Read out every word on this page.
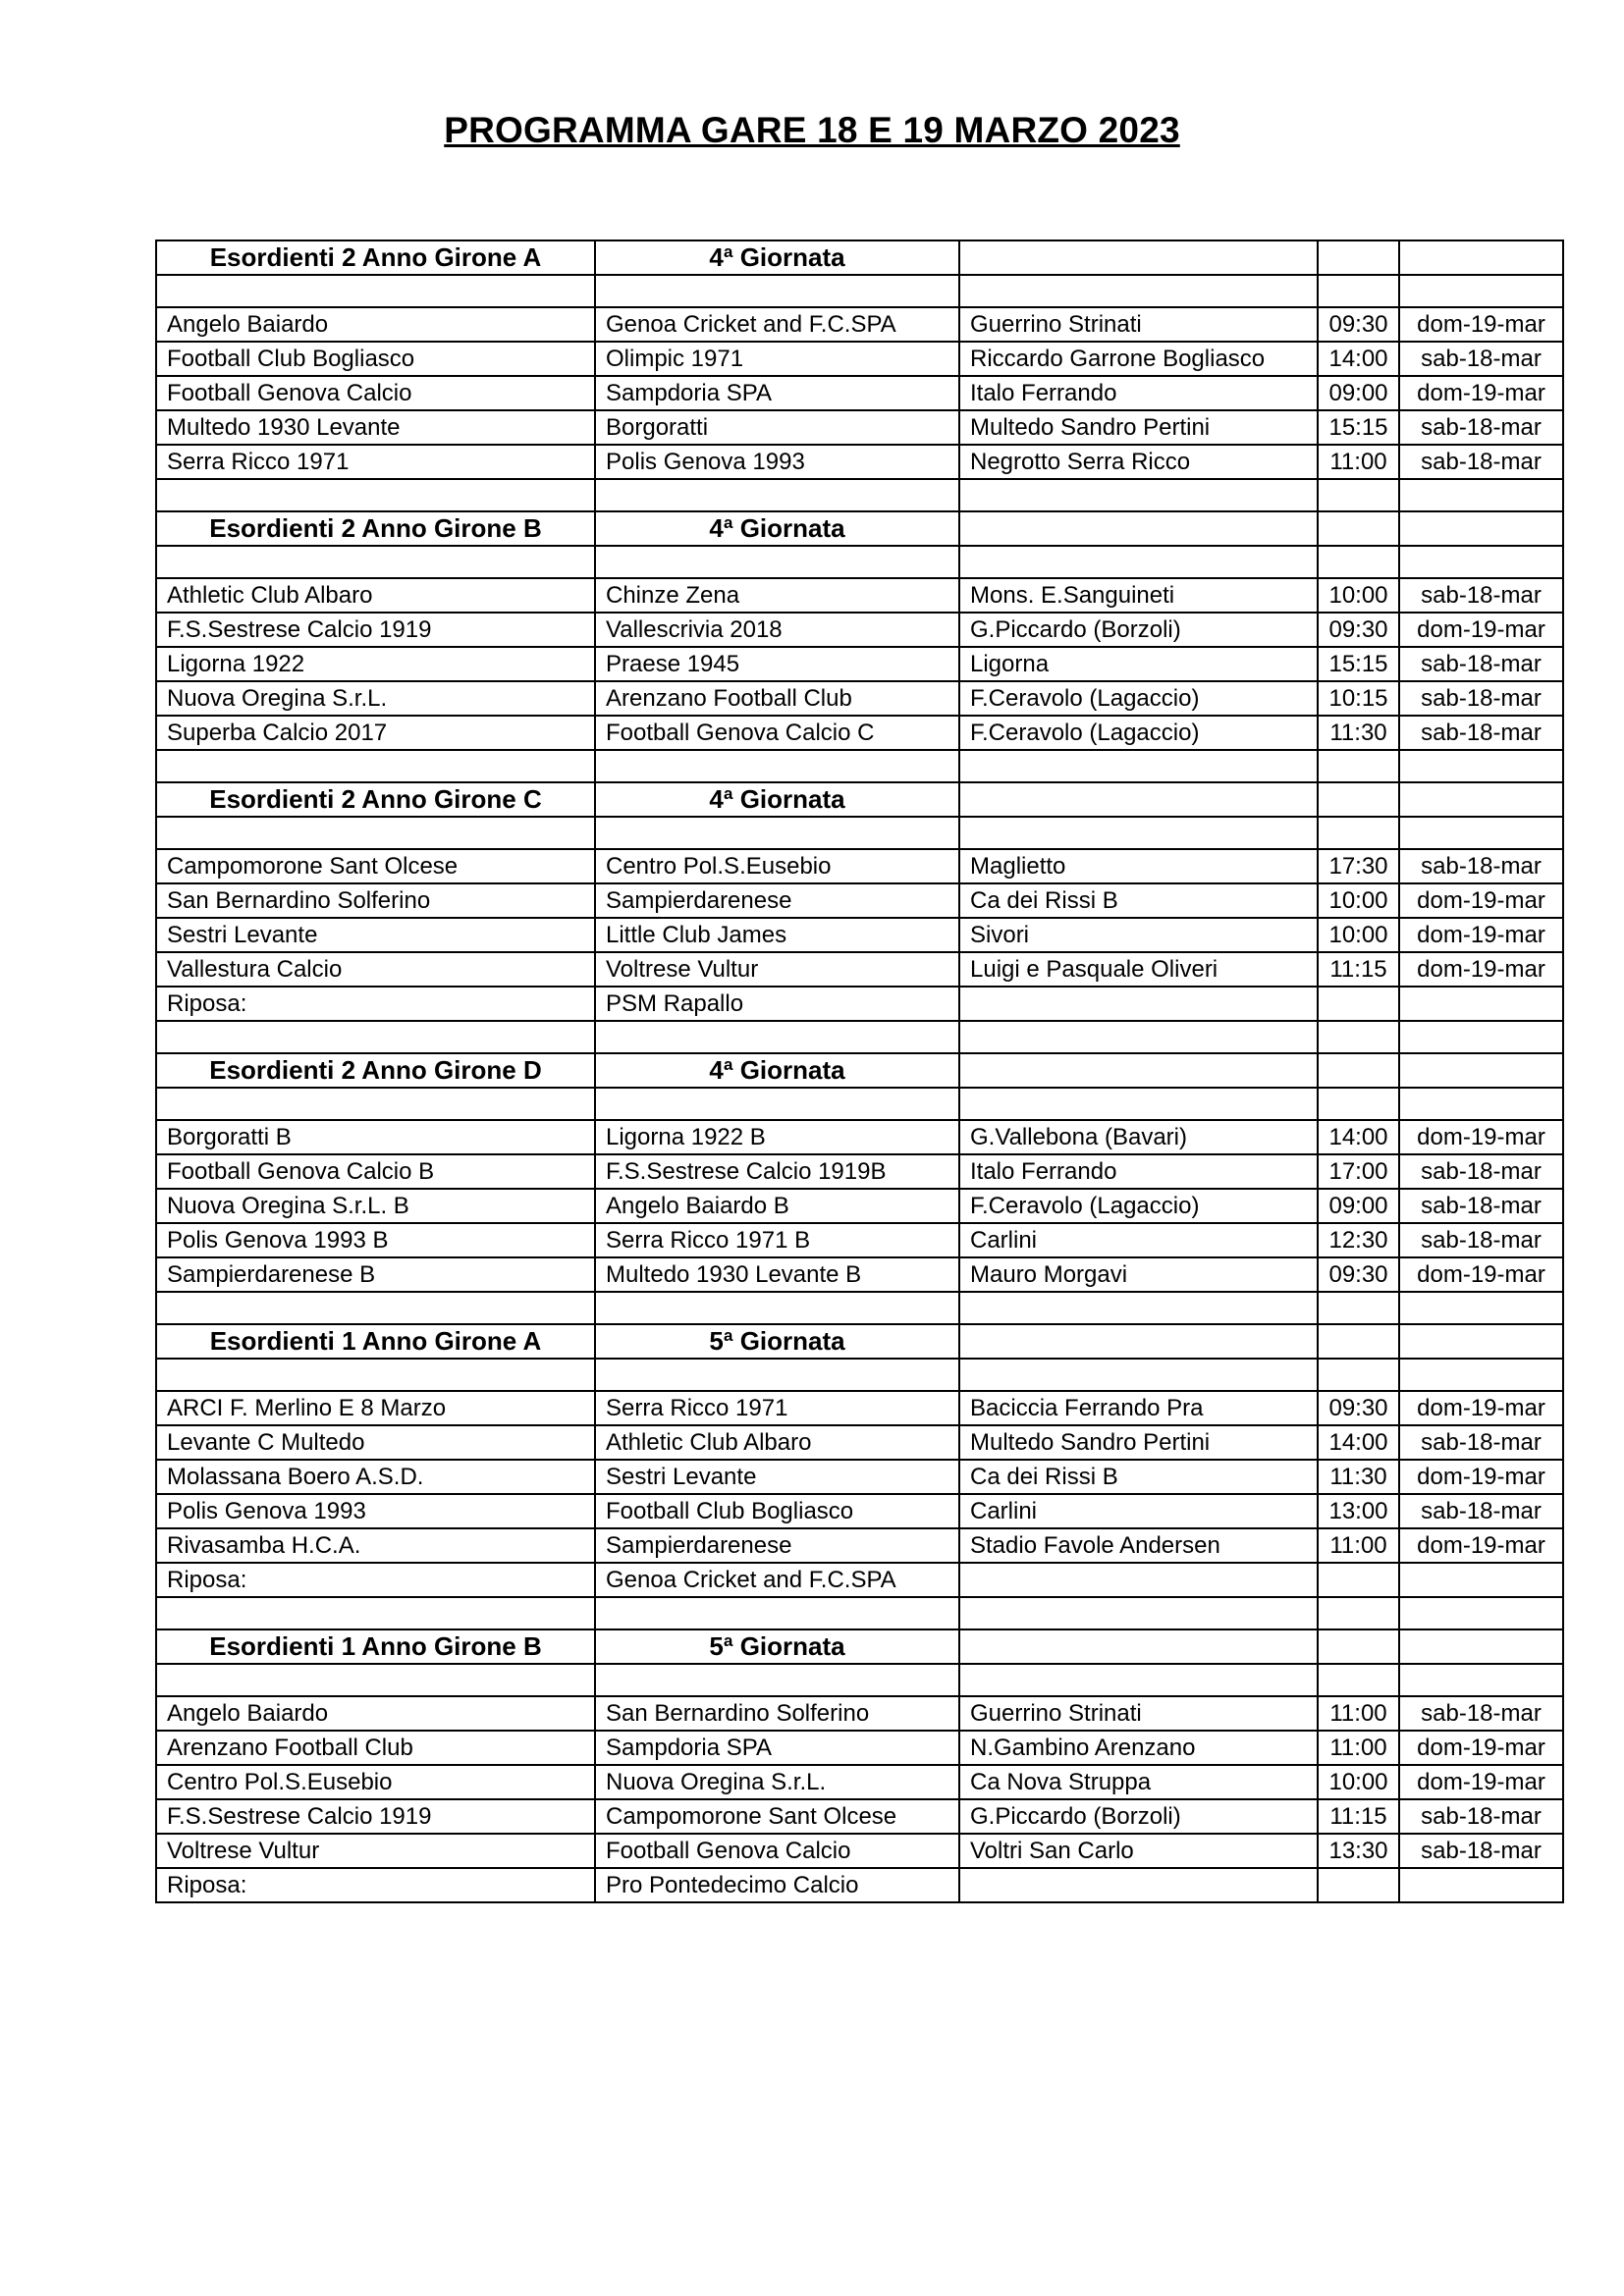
PROGRAMMA GARE 18 E 19 MARZO 2023
Esordienti 2 Anno Girone A	4ª Giornata			

Angelo Baiardo	Genoa Cricket and F.C.SPA	Guerrino Strinati	09:30	dom-19-mar
Football Club Bogliasco	Olimpic 1971	Riccardo Garrone Bogliasco	14:00	sab-18-mar
Football Genova Calcio	Sampdoria SPA	Italo Ferrando	09:00	dom-19-mar
Multedo 1930 Levante	Borgoratti	Multedo Sandro Pertini	15:15	sab-18-mar
Serra Ricco 1971	Polis Genova 1993	Negrotto Serra Ricco	11:00	sab-18-mar

Esordienti 2 Anno Girone B	4ª Giornata			

Athletic Club Albaro	Chinze Zena	Mons. E.Sanguineti	10:00	sab-18-mar
F.S.Sestrese Calcio 1919	Vallescrivia 2018	G.Piccardo (Borzoli)	09:30	dom-19-mar
Ligorna 1922	Praese 1945	Ligorna	15:15	sab-18-mar
Nuova Oregina S.r.L.	Arenzano Football Club	F.Ceravolo (Lagaccio)	10:15	sab-18-mar
Superba Calcio 2017	Football Genova Calcio C	F.Ceravolo (Lagaccio)	11:30	sab-18-mar

Esordienti 2 Anno Girone C	4ª Giornata			

Campomorone Sant Olcese	Centro Pol.S.Eusebio	Maglietto	17:30	sab-18-mar
San Bernardino Solferino	Sampierdarenese	Ca dei Rissi B	10:00	dom-19-mar
Sestri Levante	Little Club James	Sivori	10:00	dom-19-mar
Vallestura Calcio	Voltrese Vultur	Luigi e Pasquale Oliveri	11:15	dom-19-mar
Riposa:	PSM Rapallo			

Esordienti 2 Anno Girone D	4ª Giornata			

Borgoratti B	Ligorna 1922 B	G.Vallebona (Bavari)	14:00	dom-19-mar
Football Genova Calcio B	F.S.Sestrese Calcio 1919B	Italo Ferrando	17:00	sab-18-mar
Nuova Oregina S.r.L. B	Angelo Baiardo B	F.Ceravolo (Lagaccio)	09:00	sab-18-mar
Polis Genova 1993 B	Serra Ricco 1971 B	Carlini	12:30	sab-18-mar
Sampierdarenese B	Multedo 1930 Levante B	Mauro Morgavi	09:30	dom-19-mar

Esordienti 1 Anno Girone A	5ª Giornata			

ARCI F. Merlino E 8 Marzo	Serra Ricco 1971	Baciccia Ferrando Pra	09:30	dom-19-mar
Levante C Multedo	Athletic Club Albaro	Multedo Sandro Pertini	14:00	sab-18-mar
Molassana Boero A.S.D.	Sestri Levante	Ca dei Rissi B	11:30	dom-19-mar
Polis Genova 1993	Football Club Bogliasco	Carlini	13:00	sab-18-mar
Rivasamba H.C.A.	Sampierdarenese	Stadio Favole Andersen	11:00	dom-19-mar
Riposa:	Genoa Cricket and F.C.SPA			

Esordienti 1 Anno Girone B	5ª Giornata			

Angelo Baiardo	San Bernardino Solferino	Guerrino Strinati	11:00	sab-18-mar
Arenzano Football Club	Sampdoria SPA	N.Gambino Arenzano	11:00	dom-19-mar
Centro Pol.S.Eusebio	Nuova Oregina S.r.L.	Ca Nova Struppa	10:00	dom-19-mar
F.S.Sestrese Calcio 1919	Campomorone Sant Olcese	G.Piccardo (Borzoli)	11:15	sab-18-mar
Voltrese Vultur	Football Genova Calcio	Voltri San Carlo	13:30	sab-18-mar
Riposa:	Pro Pontedecimo Calcio			
